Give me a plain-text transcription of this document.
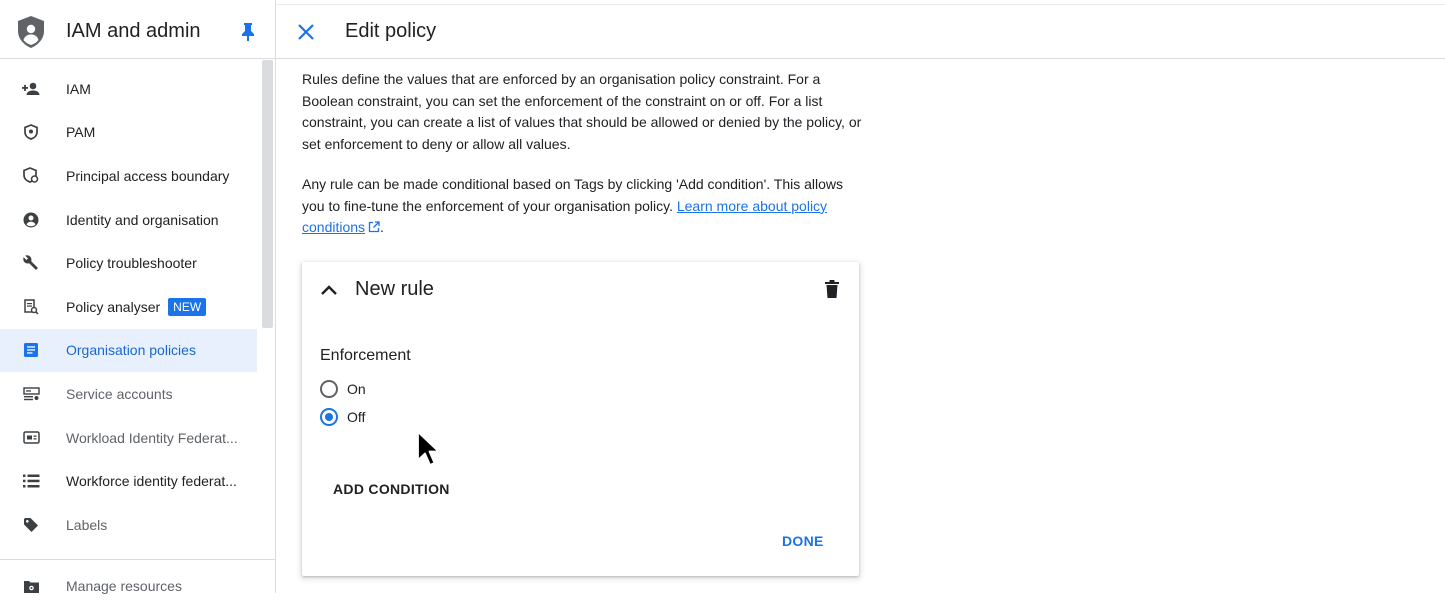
IAM and admin
IAM
PAM
Principal access boundary
Identity and organisation
Policy troubleshooter
Policy analyser NEW
Organisation policies
Service accounts
Workload Identity Federat...
Workforce identity federat...
Labels
Manage resources
Edit policy

Rules define the values that are enforced by an organisation policy constraint. For a Boolean constraint, you can set the enforcement of the constraint on or off. For a list constraint, you can create a list of values that should be allowed or denied by the policy, or set enforcement to deny or allow all values.

Any rule can be made conditional based on Tags by clicking 'Add condition'. This allows you to fine-tune the enforcement of your organisation policy. Learn more about policy conditions .

New rule
Enforcement
On
Off
ADD CONDITION
DONE
